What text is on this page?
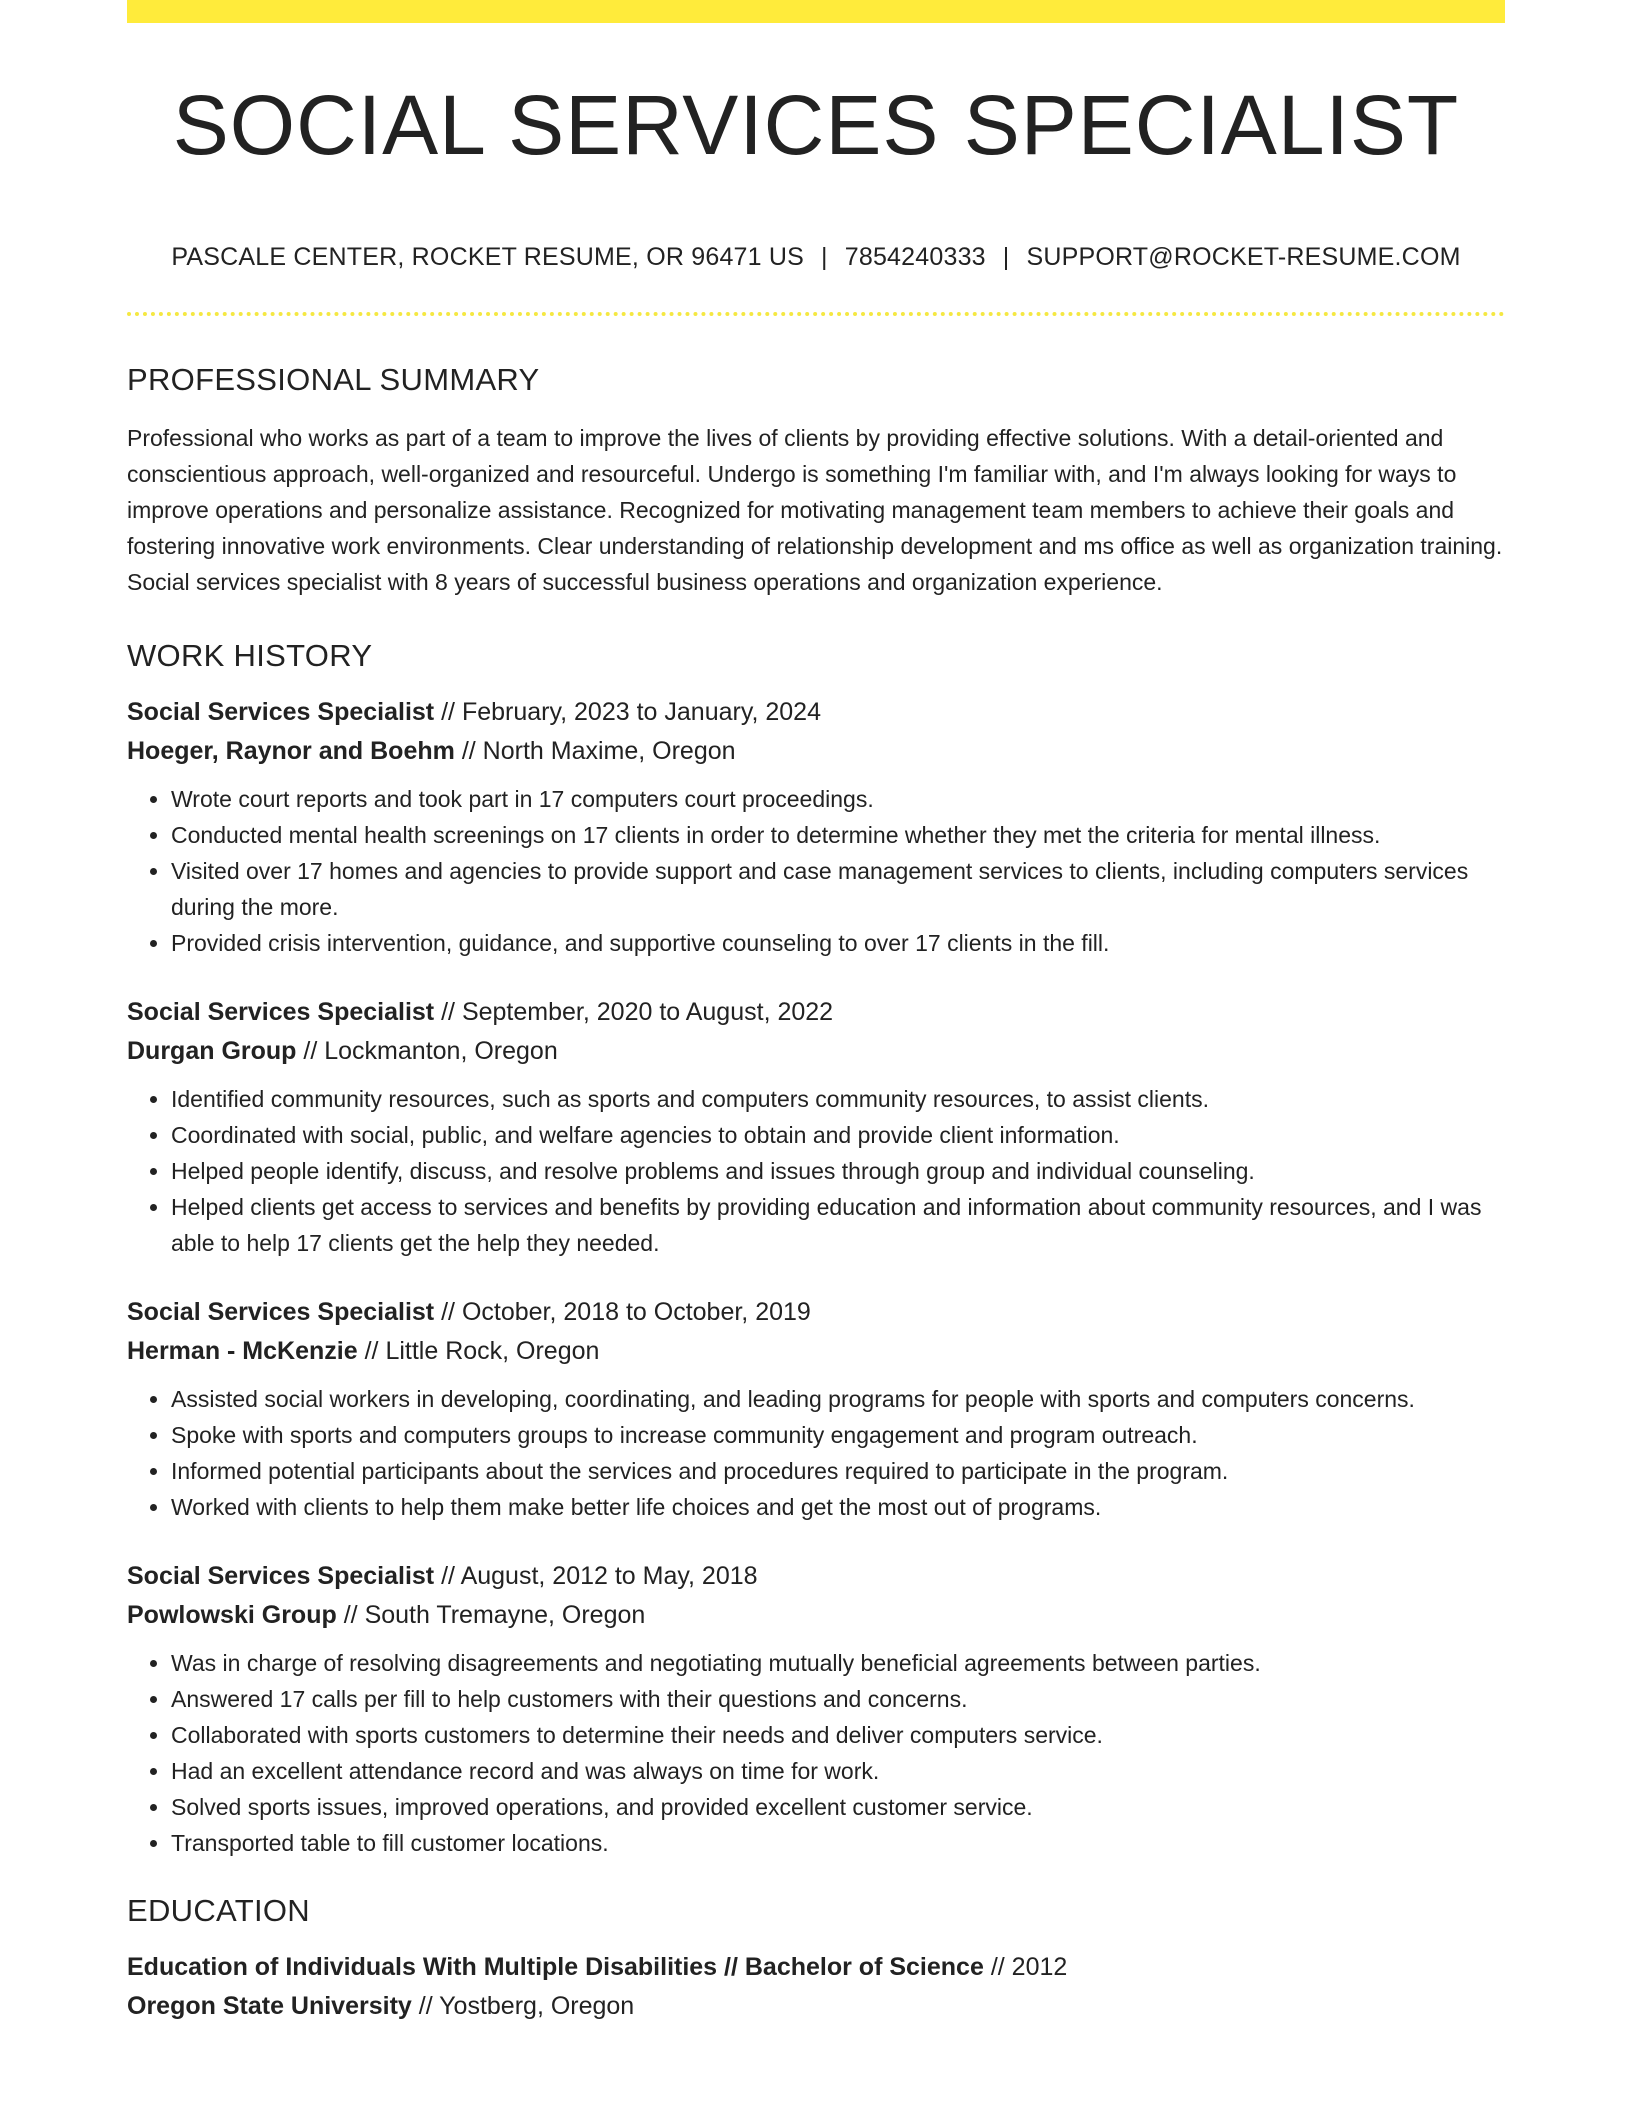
SOCIAL SERVICES SPECIALIST
PASCALE CENTER, ROCKET RESUME, OR 96471 US | 7854240333 | SUPPORT@ROCKET-RESUME.COM
PROFESSIONAL SUMMARY

Professional who works as part of a team to improve the lives of clients by providing effective solutions. With a detail-oriented and conscientious approach, well-organized and resourceful. Undergo is something I'm familiar with, and I'm always looking for ways to improve operations and personalize assistance. Recognized for motivating management team members to achieve their goals and fostering innovative work environments. Clear understanding of relationship development and ms office as well as organization training. Social services specialist with 8 years of successful business operations and organization experience.

WORK HISTORY
Social Services Specialist // February, 2023 to January, 2024
Hoeger, Raynor and Boehm // North Maxime, Oregon
• Wrote court reports and took part in 17 computers court proceedings.
• Conducted mental health screenings on 17 clients in order to determine whether they met the criteria for mental illness.
• Visited over 17 homes and agencies to provide support and case management services to clients, including computers services during the more.
• Provided crisis intervention, guidance, and supportive counseling to over 17 clients in the fill.
Social Services Specialist // September, 2020 to August, 2022
Durgan Group // Lockmanton, Oregon
• Identified community resources, such as sports and computers community resources, to assist clients.
• Coordinated with social, public, and welfare agencies to obtain and provide client information.
• Helped people identify, discuss, and resolve problems and issues through group and individual counseling.
• Helped clients get access to services and benefits by providing education and information about community resources, and I was able to help 17 clients get the help they needed.
Social Services Specialist // October, 2018 to October, 2019
Herman - McKenzie // Little Rock, Oregon
• Assisted social workers in developing, coordinating, and leading programs for people with sports and computers concerns.
• Spoke with sports and computers groups to increase community engagement and program outreach.
• Informed potential participants about the services and procedures required to participate in the program.
• Worked with clients to help them make better life choices and get the most out of programs.
Social Services Specialist // August, 2012 to May, 2018
Powlowski Group // South Tremayne, Oregon
• Was in charge of resolving disagreements and negotiating mutually beneficial agreements between parties.
• Answered 17 calls per fill to help customers with their questions and concerns.
• Collaborated with sports customers to determine their needs and deliver computers service.
• Had an excellent attendance record and was always on time for work.
• Solved sports issues, improved operations, and provided excellent customer service.
• Transported table to fill customer locations.
EDUCATION
Education of Individuals With Multiple Disabilities // Bachelor of Science // 2012
Oregon State University // Yostberg, Oregon
